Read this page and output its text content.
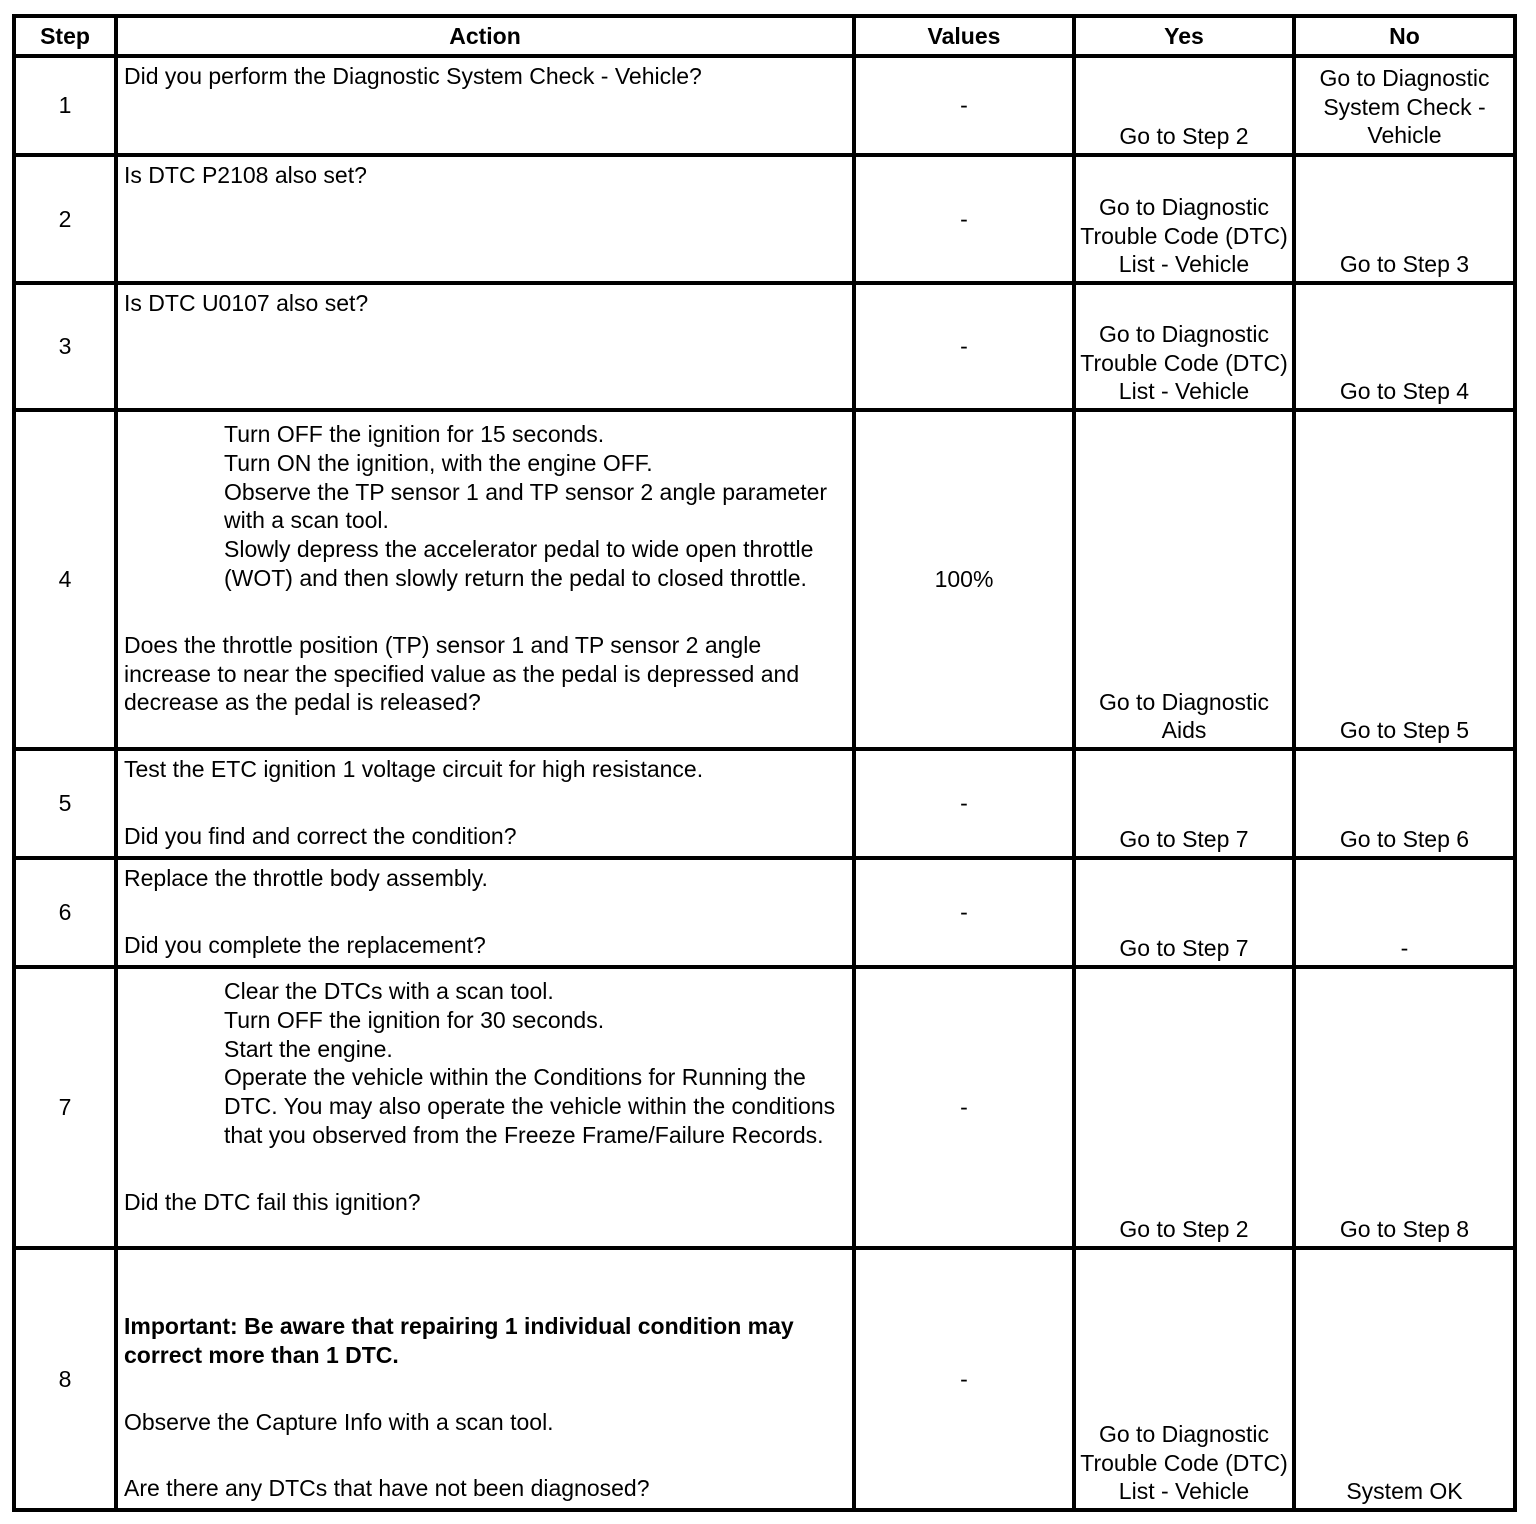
Step	Action	Values	Yes	No
1	Did you perform the Diagnostic System Check - Vehicle?	-	Go to Step 2	Go to Diagnostic System Check - Vehicle
2	Is DTC P2108 also set?	-	Go to Diagnostic Trouble Code (DTC) List - Vehicle	Go to Step 3
3	Is DTC U0107 also set?	-	Go to Diagnostic Trouble Code (DTC) List - Vehicle	Go to Step 4
4	Turn OFF the ignition for 15 seconds.
Turn ON the ignition, with the engine OFF.
Observe the TP sensor 1 and TP sensor 2 angle parameter with a scan tool.
Slowly depress the accelerator pedal to wide open throttle (WOT) and then slowly return the pedal to closed throttle.
Does the throttle position (TP) sensor 1 and TP sensor 2 angle increase to near the specified value as the pedal is depressed and decrease as the pedal is released?	100%	Go to Diagnostic Aids	Go to Step 5
5	Test the ETC ignition 1 voltage circuit for high resistance.
Did you find and correct the condition?	-	Go to Step 7	Go to Step 6
6	Replace the throttle body assembly.
Did you complete the replacement?	-	Go to Step 7	-
7	Clear the DTCs with a scan tool.
Turn OFF the ignition for 30 seconds.
Start the engine.
Operate the vehicle within the Conditions for Running the DTC. You may also operate the vehicle within the conditions that you observed from the Freeze Frame/Failure Records.
Did the DTC fail this ignition?	-	Go to Step 2	Go to Step 8
8	Important: Be aware that repairing 1 individual condition may correct more than 1 DTC.
Observe the Capture Info with a scan tool.
Are there any DTCs that have not been diagnosed?	-	Go to Diagnostic Trouble Code (DTC) List - Vehicle	System OK
